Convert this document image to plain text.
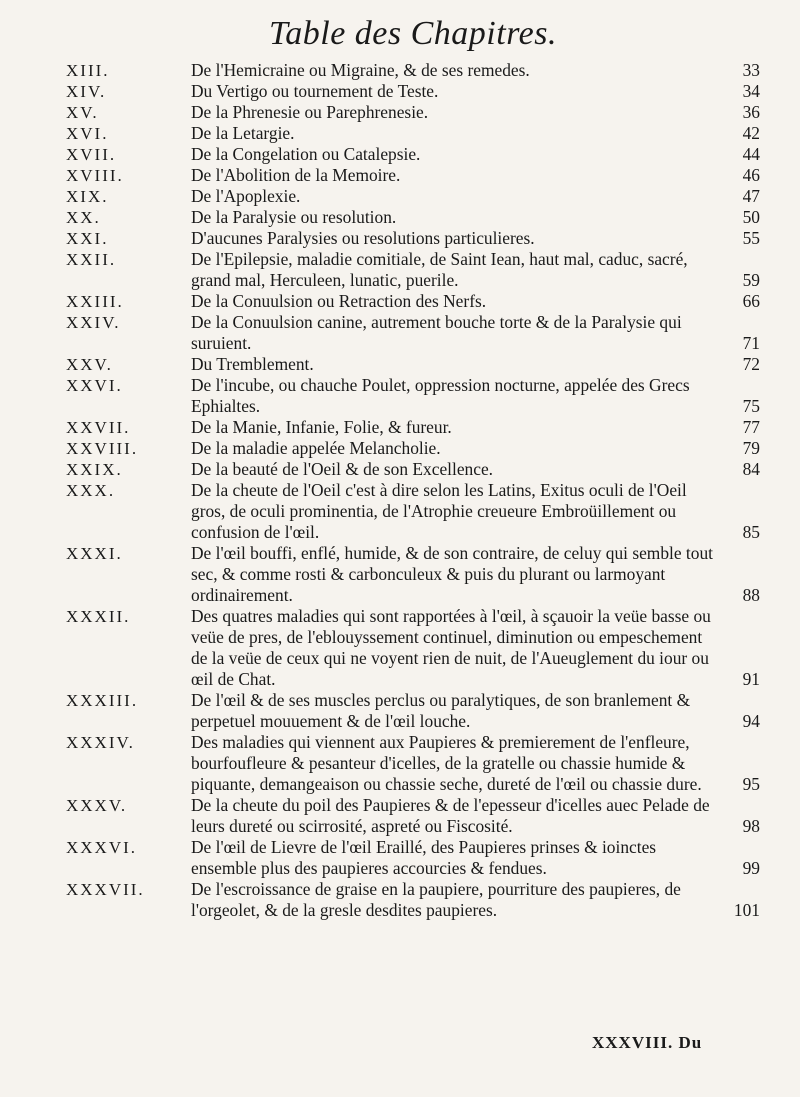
Table des Chapitres.
XIII.	De l'Hemicraine ou Migraine, & de ses remedes.	33
XIV.	Du Vertigo ou tournement de Teste.	34
XV.	De la Phrenesie ou Parephrenesie.	36
XVI.	De la Letargie.	42
XVII.	De la Congelation ou Catalepsie.	44
XVIII.	De l'Abolition de la Memoire.	46
XIX.	De l'Apoplexie.	47
XX.	De la Paralysie ou resolution.	50
XXI.	D'aucunes Paralysies ou resolutions particulieres.	55
XXII.	De l'Epilepsie, maladie comitiale, de Saint Iean, haut mal, caduc, sacré, grand mal, Herculeen, lunatic, puerile.	59
XXIII.	De la Conuulsion ou Retraction des Nerfs.	66
XXIV.	De la Conuulsion canine, autrement bouche torte & de la Paralysie qui suruient.	71
XXV.	Du Tremblement.	72
XXVI.	De l'incube, ou chauche Poulet, oppression nocturne, appelée des Grecs Ephialtes.	75
XXVII.	De la Manie, Infanie, Folie, & fureur.	77
XXVIII.	De la maladie appelée Melancholie.	79
XXIX.	De la beauté de l'Oeil & de son Excellence.	84
XXX.	De la cheute de l'Oeil c'est à dire selon les Latins, Exitus oculi de l'Oeil gros, de oculi prominentia, de l'Atrophie creueure Embroüillement ou confusion de l'œil.	85
XXXI.	De l'œil bouffi, enflé, humide, & de son contraire, de celuy qui semble tout sec, & comme rosti & carbonculeux & puis du plurant ou larmoyant ordinairement.	88
XXXII.	Des quatres maladies qui sont rapportées à l'œil, à sçauoir la veüe basse ou veüe de pres, de l'eblouyssement continuel, diminution ou empeschement de la veüe de ceux qui ne voyent rien de nuit, de l'Aueuglement du iour ou œil de Chat.	91
XXXIII.	De l'œil & de ses muscles perclus ou paralytiques, de son branlement & perpetuel mouuement & de l'œil louche.	94
XXXIV.	Des maladies qui viennent aux Paupieres & premierement de l'enfleure, bourfoufleure & pesanteur d'icelles, de la gratelle ou chassie humide & piquante, demangeaison ou chassie seche, dureté de l'œil ou chassie dure.	95
XXXV.	De la cheute du poil des Paupieres & de l'epesseur d'icelles auec Pelade de leurs dureté ou scirrosité, aspreté ou Fiscosité.	98
XXXVI.	De l'œil de Lievre de l'œil Eraillé, des Paupieres prinses & ioinctes ensemble plus des paupieres accourcies & fendues.	99
XXXVII.	De l'escroissance de graise en la paupiere, pourriture des paupieres, de l'orgeolet, & de la gresle desdites paupieres.	101
XXXVIII. Du
